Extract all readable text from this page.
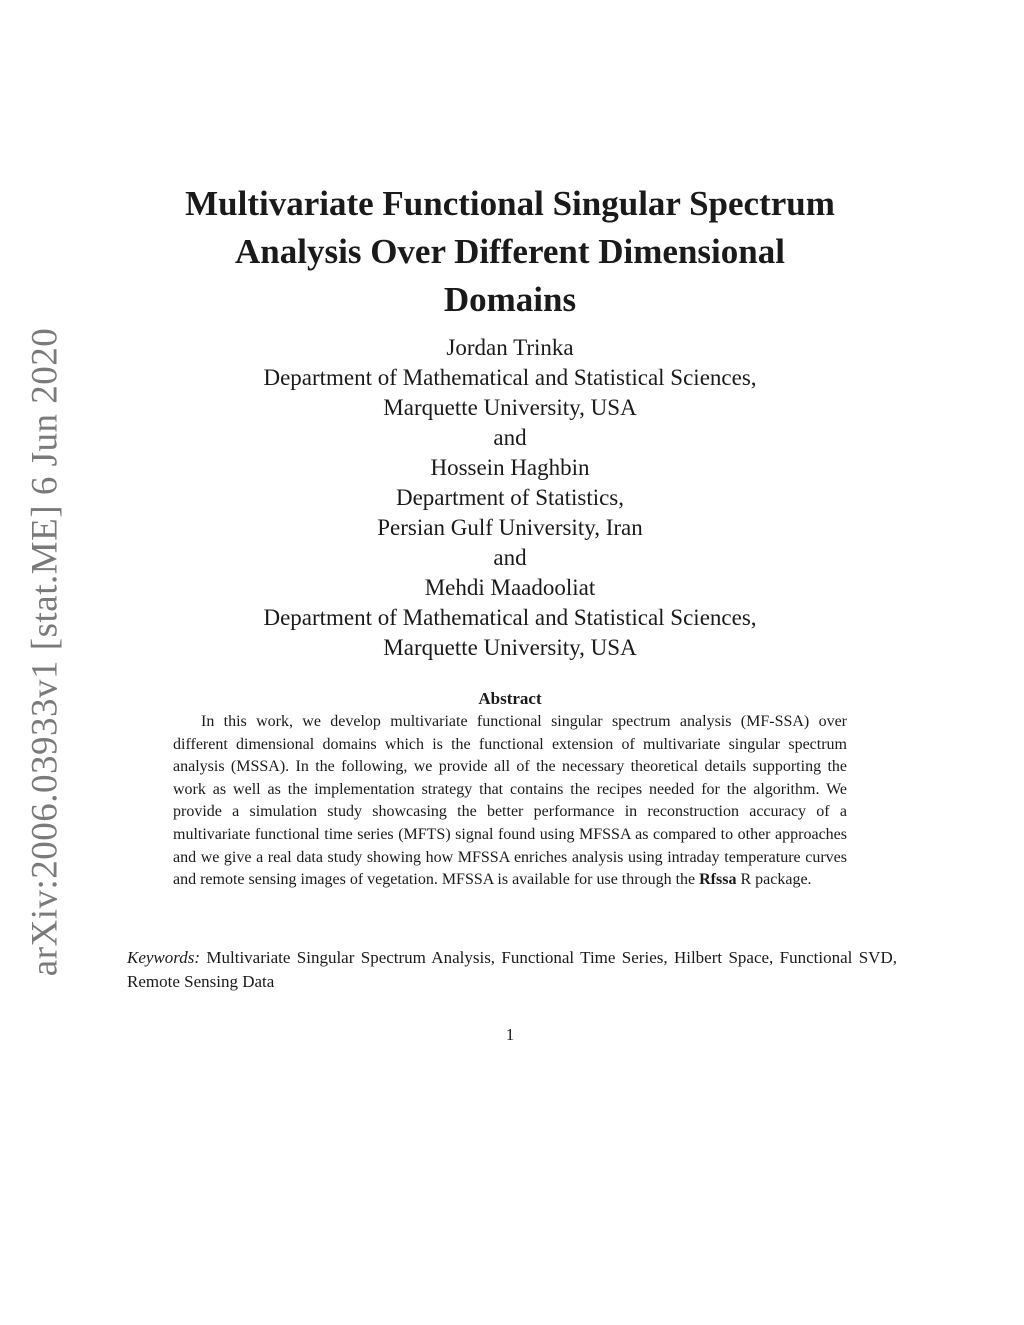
arXiv:2006.03933v1 [stat.ME] 6 Jun 2020
Multivariate Functional Singular Spectrum
Analysis Over Different Dimensional
Domains
Jordan Trinka
Department of Mathematical and Statistical Sciences,
Marquette University, USA
and
Hossein Haghbin
Department of Statistics,
Persian Gulf University, Iran
and
Mehdi Maadooliat
Department of Mathematical and Statistical Sciences,
Marquette University, USA
Abstract

In this work, we develop multivariate functional singular spectrum analysis (MF-SSA) over different dimensional domains which is the functional extension of multivariate singular spectrum analysis (MSSA). In the following, we provide all of the necessary theoretical details supporting the work as well as the implementation strategy that contains the recipes needed for the algorithm. We provide a simulation study showcasing the better performance in reconstruction accuracy of a multivariate functional time series (MFTS) signal found using MFSSA as compared to other approaches and we give a real data study showing how MFSSA enriches analysis using intraday temperature curves and remote sensing images of vegetation. MFSSA is available for use through the Rfssa R package.

Keywords: Multivariate Singular Spectrum Analysis, Functional Time Series, Hilbert Space, Functional SVD, Remote Sensing Data

1
